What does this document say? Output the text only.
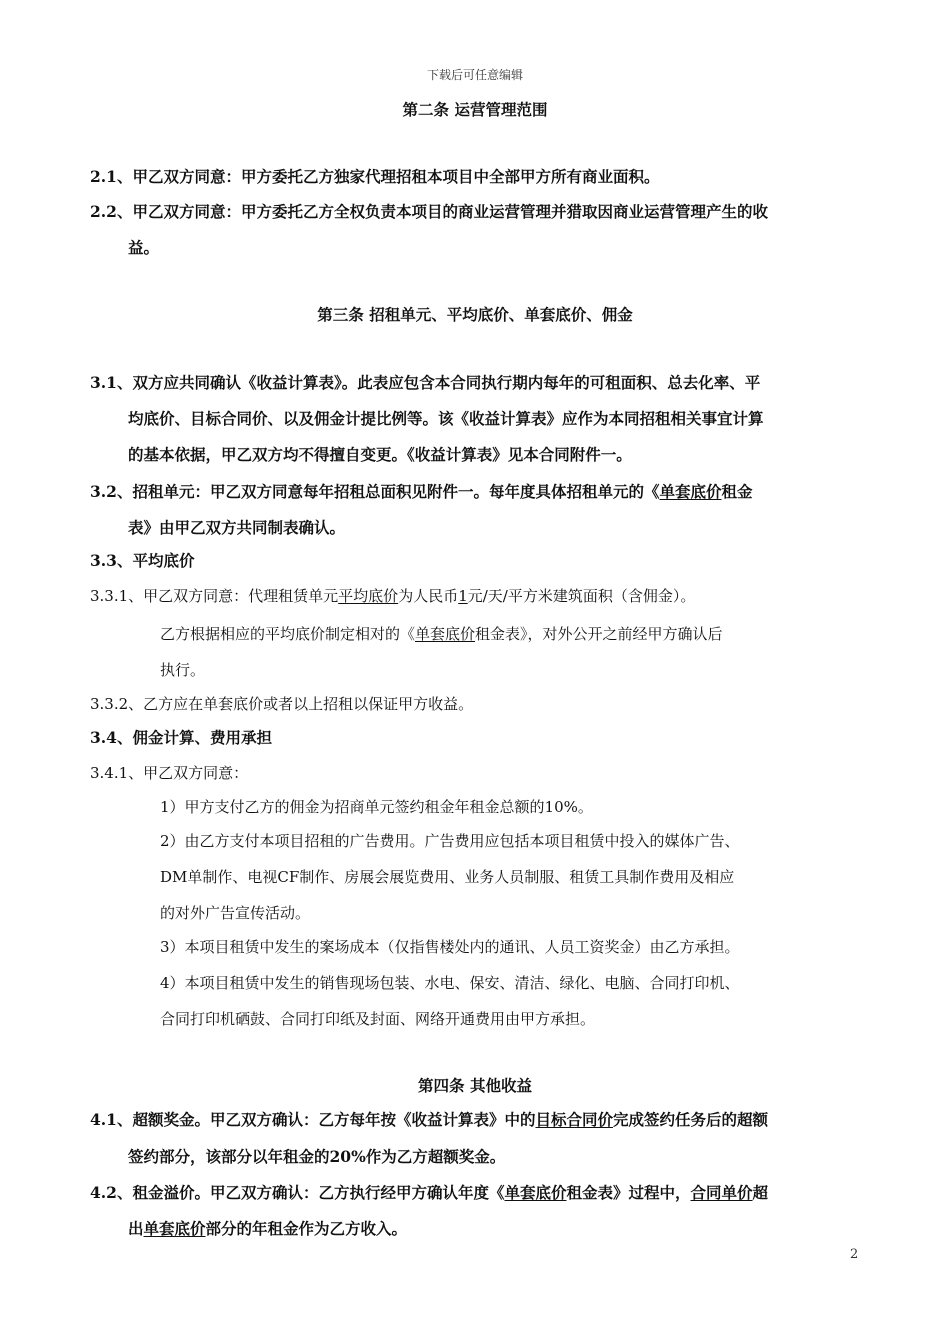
下载后可任意编辑
第二条 运营管理范围
2.1、甲乙双方同意：甲方委托乙方独家代理招租本项目中全部甲方所有商业面积。
2.2、甲乙双方同意：甲方委托乙方全权负责本项目的商业运营管理并猎取因商业运营管理产生的收
益。
第三条 招租单元、平均底价、单套底价、佣金
3.1、双方应共同确认《收益计算表》。此表应包含本合同执行期内每年的可租面积、总去化率、平
均底价、目标合同价、以及佣金计提比例等。该《收益计算表》应作为本同招租相关事宜计算
的基本依据，甲乙双方均不得擅自变更。《收益计算表》见本合同附件一。
3.2、招租单元：甲乙双方同意每年招租总面积见附件一。每年度具体招租单元的《单套底价租金
表》由甲乙双方共同制表确认。
3.3、平均底价
3.3.1、甲乙双方同意：代理租赁单元平均底价为人民币1元/天/平方米建筑面积（含佣金）。
乙方根据相应的平均底价制定相对的《单套底价租金表》，对外公开之前经甲方确认后
执行。
3.3.2、乙方应在单套底价或者以上招租以保证甲方收益。
3.4、佣金计算、费用承担
3.4.1、甲乙双方同意：
1）甲方支付乙方的佣金为招商单元签约租金年租金总额的10%。
2）由乙方支付本项目招租的广告费用。广告费用应包括本项目租赁中投入的媒体广告、
DM单制作、电视CF制作、房展会展览费用、业务人员制服、租赁工具制作费用及相应
的对外广告宣传活动。
3）本项目租赁中发生的案场成本（仅指售楼处内的通讯、人员工资奖金）由乙方承担。
4）本项目租赁中发生的销售现场包装、水电、保安、清洁、绿化、电脑、合同打印机、
合同打印机硒鼓、合同打印纸及封面、网络开通费用由甲方承担。
第四条 其他收益
4.1、超额奖金。甲乙双方确认：乙方每年按《收益计算表》中的目标合同价完成签约任务后的超额
签约部分，该部分以年租金的20%作为乙方超额奖金。
4.2、租金溢价。甲乙双方确认：乙方执行经甲方确认年度《单套底价租金表》过程中，合同单价超
出单套底价部分的年租金作为乙方收入。
2
